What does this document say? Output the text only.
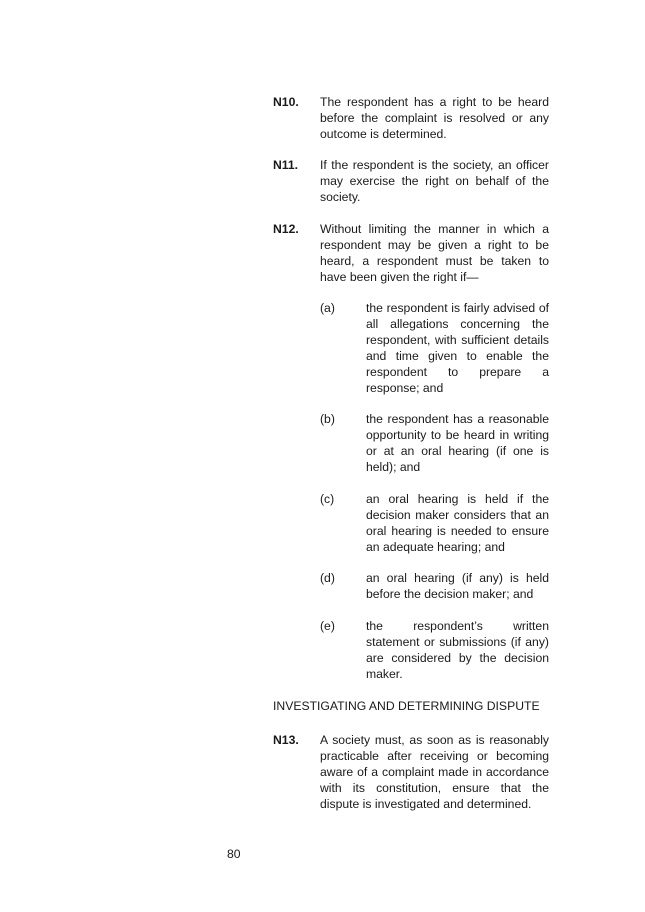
N10.	The respondent has a right to be heard before the complaint is resolved or any outcome is determined.
N11.	If the respondent is the society, an officer may exercise the right on behalf of the society.
N12.	Without limiting the manner in which a respondent may be given a right to be heard, a respondent must be taken to have been given the right if—
(a)	the respondent is fairly advised of all allegations concerning the respondent, with sufficient details and time given to enable the respondent to prepare a response; and
(b)	the respondent has a reasonable opportunity to be heard in writing or at an oral hearing (if one is held); and
(c)	an oral hearing is held if the decision maker considers that an oral hearing is needed to ensure an adequate hearing; and
(d)	an oral hearing (if any) is held before the decision maker; and
(e)	the respondent’s written statement or submissions (if any) are considered by the decision maker.
INVESTIGATING AND DETERMINING DISPUTE
N13.	A society must, as soon as is reasonably practicable after receiving or becoming aware of a complaint made in accordance with its constitution, ensure that the dispute is investigated and determined.
80
